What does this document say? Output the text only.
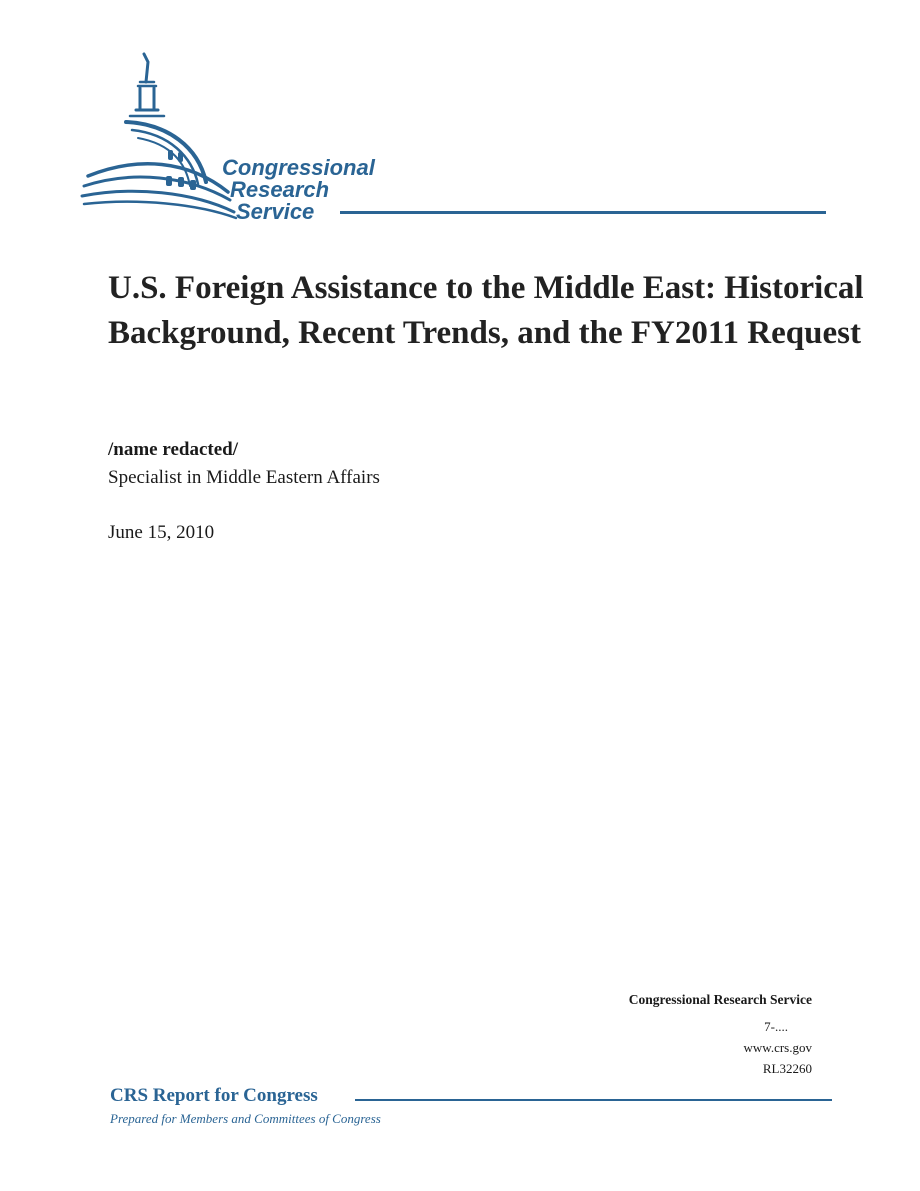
Congressional

Research

Service

U.S. Foreign Assistance to the Middle East: Historical Background, Recent Trends, and the FY2011 Request
/name redacted/
Specialist in Middle Eastern Affairs
June 15, 2010
Congressional Research Service
7-....
www.crs.gov
RL32260
CRS Report for Congress
Prepared for Members and Committees of Congress
